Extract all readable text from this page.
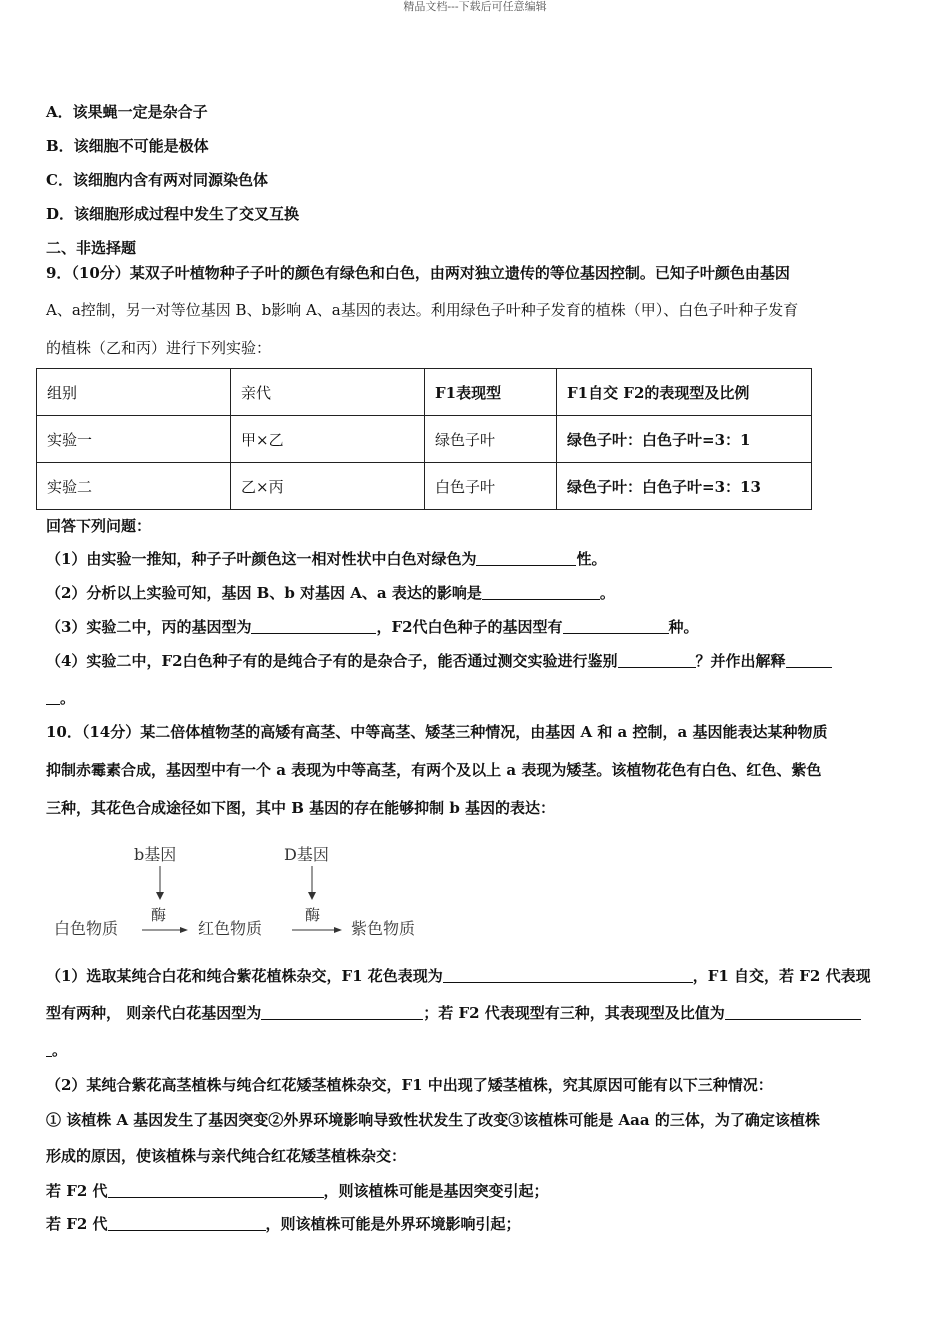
精品文档---下载后可任意编辑
A．该果蝇一定是杂合子
B．该细胞不可能是极体
C．该细胞内含有两对同源染色体
D．该细胞形成过程中发生了交叉互换
二、非选择题
9．（10分）某双子叶植物种子子叶的颜色有绿色和白色，由两对独立遗传的等位基因控制。已知子叶颜色由基因
A、a控制，另一对等位基因 B、b影响 A、a基因的表达。利用绿色子叶种子发育的植株（甲）、白色子叶种子发育
的植株（乙和丙）进行下列实验：
组别	亲代	F1表现型	F1自交 F2的表现型及比例
实验一	甲×乙	绿色子叶	绿色子叶：白色子叶=3：1
实验二	乙×丙	白色子叶	绿色子叶：白色子叶=3：13
回答下列问题：
（1）由实验一推知，种子子叶颜色这一相对性状中白色对绿色为	性。
（2）分析以上实验可知，基因 B、b 对基因 A、a 表达的影响是	。
（3）实验二中，丙的基因型为	，F2代白色种子的基因型有	种。
（4）实验二中，F2白色种子有的是纯合子有的是杂合子，能否通过测交实验进行鉴别	？并作出解释
。
10．（14分）某二倍体植物茎的高矮有高茎、中等高茎、矮茎三种情况，由基因 A 和 a 控制，a 基因能表达某种物质
抑制赤霉素合成，基因型中有一个 a 表现为中等高茎，有两个及以上 a 表现为矮茎。该植物花色有白色、红色、紫色
三种，其花色合成途径如下图，其中 B 基因的存在能够抑制 b 基因的表达：
b基因	D基因
酶	酶
白色物质	红色物质	紫色物质
（1）选取某纯合白花和纯合紫花植株杂交，F1 花色表现为	，F1 自交，若 F2 代表现
型有两种， 则亲代白花基因型为	；若 F2 代表现型有三种，其表现型及比值为
。
（2）某纯合紫花高茎植株与纯合红花矮茎植株杂交，F1 中出现了矮茎植株，究其原因可能有以下三种情况：
① 该植株 A 基因发生了基因突变②外界环境影响导致性状发生了改变③该植株可能是 Aaa 的三体，为了确定该植株
形成的原因，使该植株与亲代纯合红花矮茎植株杂交：
若 F2 代	，则该植株可能是基因突变引起；
若 F2 代	，则该植株可能是外界环境影响引起；
